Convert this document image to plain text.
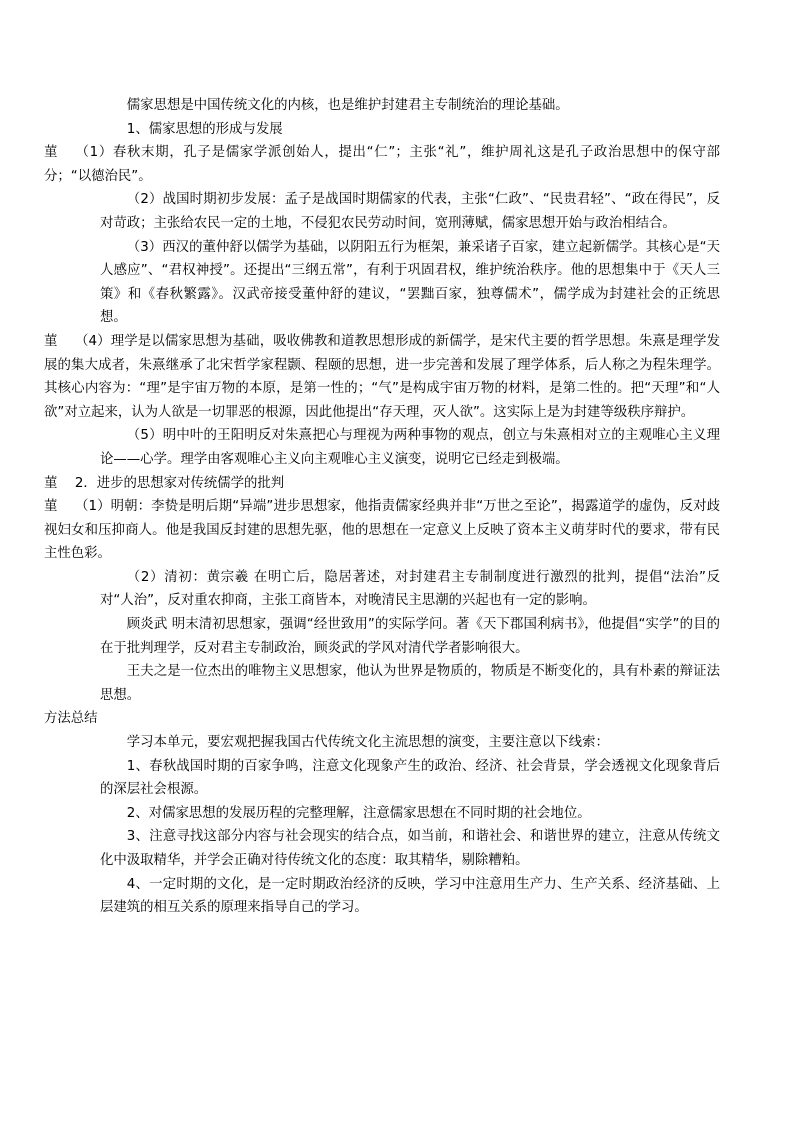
儒家思想是中国传统文化的内核，也是维护封建君主专制统治的理论基础。

1、儒家思想的形成与发展

菫 （1）春秋末期，孔子是儒家学派创始人，提出“仁”；主张“礼”，维护周礼这是孔子政治思想中的保守部分；“以德治民”。

（2）战国时期初步发展：孟子是战国时期儒家的代表，主张“仁政”、“民贵君轻”、“政在得民”，反对苛政；主张给农民一定的土地，不侵犯农民劳动时间，宽刑薄赋，儒家思想开始与政治相结合。

（3）西汉的董仲舒以儒学为基础，以阴阳五行为框架，兼采诸子百家，建立起新儒学。其核心是“天人感应”、“君权神授”。还提出“三纲五常”，有利于巩固君权，维护统治秩序。他的思想集中于《天人三策》和《春秋繁露》。汉武帝接受董仲舒的建议，“罢黜百家，独尊儒术”，儒学成为封建社会的正统思想。

菫 （4）理学是以儒家思想为基础，吸收佛教和道教思想形成的新儒学，是宋代主要的哲学思想。朱熹是理学发展的集大成者，朱熹继承了北宋哲学家程颢、程颐的思想，进一步完善和发展了理学体系，后人称之为程朱理学。其核心内容为：“理”是宇宙万物的本原，是第一性的；“气”是构成宇宙万物的材料，是第二性的。把“天理”和“人欲”对立起来，认为人欲是一切罪恶的根源，因此他提出“存天理，灭人欲”。这实际上是为封建等级秩序辩护。

（5）明中叶的王阳明反对朱熹把心与理视为两种事物的观点，创立与朱熹相对立的主观唯心主义理论——心学。理学由客观唯心主义向主观唯心主义演变，说明它已经走到极端。

菫 2．进步的思想家对传统儒学的批判

菫 （1）明朝：李贽是明后期“异端”进步思想家，他指责儒家经典并非“万世之至论”，揭露道学的虚伪，反对歧视妇女和压抑商人。他是我国反封建的思想先驱，他的思想在一定意义上反映了资本主义萌芽时代的要求，带有民主性色彩。

（2）清初：黄宗羲 在明亡后，隐居著述，对封建君主专制制度进行激烈的批判，提倡“法治”反对“人治”，反对重农抑商，主张工商皆本，对晚清民主思潮的兴起也有一定的影响。

顾炎武 明末清初思想家，强调“经世致用”的实际学问。著《天下郡国利病书》，他提倡“实学”的目的在于批判理学，反对君主专制政治，顾炎武的学风对清代学者影响很大。

王夫之是一位杰出的唯物主义思想家，他认为世界是物质的，物质是不断变化的，具有朴素的辩证法思想。

方法总结

学习本单元，要宏观把握我国古代传统文化主流思想的演变，主要注意以下线索：

1、春秋战国时期的百家争鸣，注意文化现象产生的政治、经济、社会背景，学会透视文化现象背后的深层社会根源。

2、对儒家思想的发展历程的完整理解，注意儒家思想在不同时期的社会地位。

3、注意寻找这部分内容与社会现实的结合点，如当前，和谐社会、和谐世界的建立，注意从传统文化中汲取精华，并学会正确对待传统文化的态度：取其精华，剔除糟粕。

4、一定时期的文化，是一定时期政治经济的反映，学习中注意用生产力、生产关系、经济基础、上层建筑的相互关系的原理来指导自己的学习。
